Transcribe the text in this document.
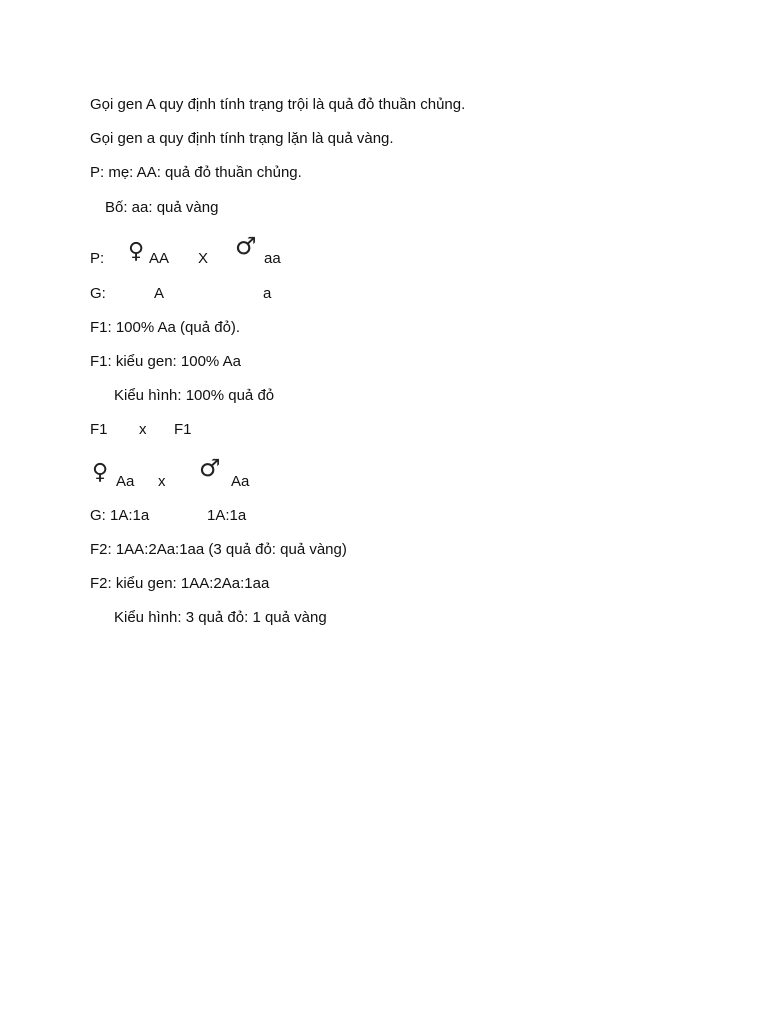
Gọi gen A quy định tính trạng trội là quả đỏ thuần chủng.
Gọi gen a quy định tính trạng lặn là quả vàng.
P: mẹ: AA: quả đỏ thuần chủng.
Bố: aa: quả vàng
P: ♀ AA X ♂ aa
G:	A	a
F1: 100% Aa (quả đỏ).
F1: kiểu gen: 100% Aa
Kiểu hình: 100% quả đỏ
F1 x F1
♀ Aa x ♂ Aa
G: 1A:1a	1A:1a
F2: 1AA:2Aa:1aa (3 quả đỏ: quả vàng)
F2: kiểu gen: 1AA:2Aa:1aa
Kiểu hình: 3 quả đỏ: 1 quả vàng
